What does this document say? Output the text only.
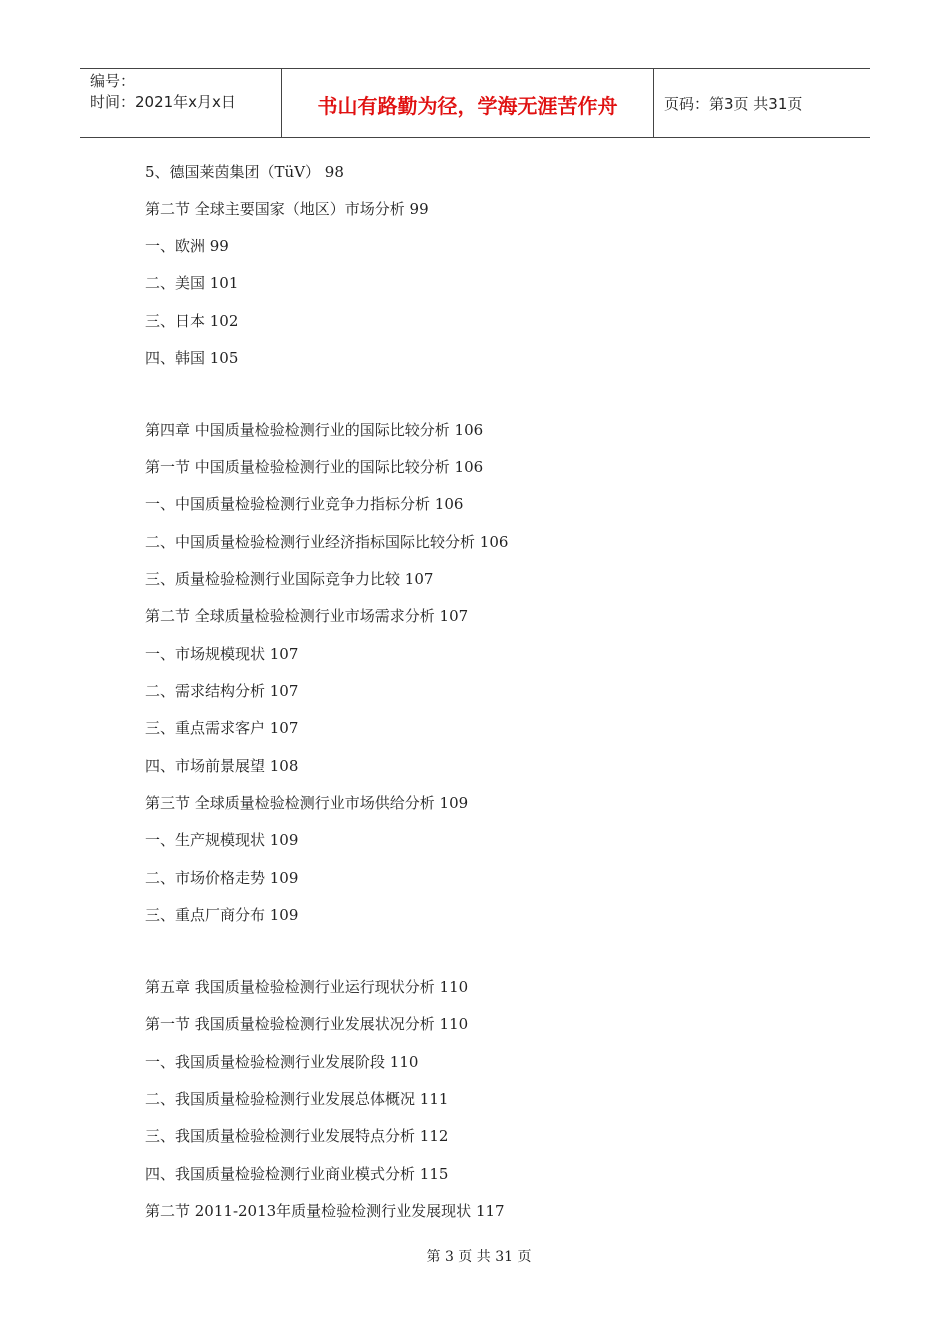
编号：
时间：2021年x月x日	书山有路勤为径，学海无涯苦作舟	页码：第3页 共31页
5、德国莱茵集团（TüV） 98
第二节 全球主要国家（地区）市场分析 99
一、欧洲 99
二、美国 101
三、日本 102
四、韩国 105
第四章 中国质量检验检测行业的国际比较分析 106
第一节 中国质量检验检测行业的国际比较分析 106
一、中国质量检验检测行业竞争力指标分析 106
二、中国质量检验检测行业经济指标国际比较分析 106
三、质量检验检测行业国际竞争力比较 107
第二节 全球质量检验检测行业市场需求分析 107
一、市场规模现状 107
二、需求结构分析 107
三、重点需求客户 107
四、市场前景展望 108
第三节 全球质量检验检测行业市场供给分析 109
一、生产规模现状 109
二、市场价格走势 109
三、重点厂商分布 109
第五章 我国质量检验检测行业运行现状分析 110
第一节 我国质量检验检测行业发展状况分析 110
一、我国质量检验检测行业发展阶段 110
二、我国质量检验检测行业发展总体概况 111
三、我国质量检验检测行业发展特点分析 112
四、我国质量检验检测行业商业模式分析 115
第二节 2011-2013年质量检验检测行业发展现状 117
第 3 页 共 31 页
